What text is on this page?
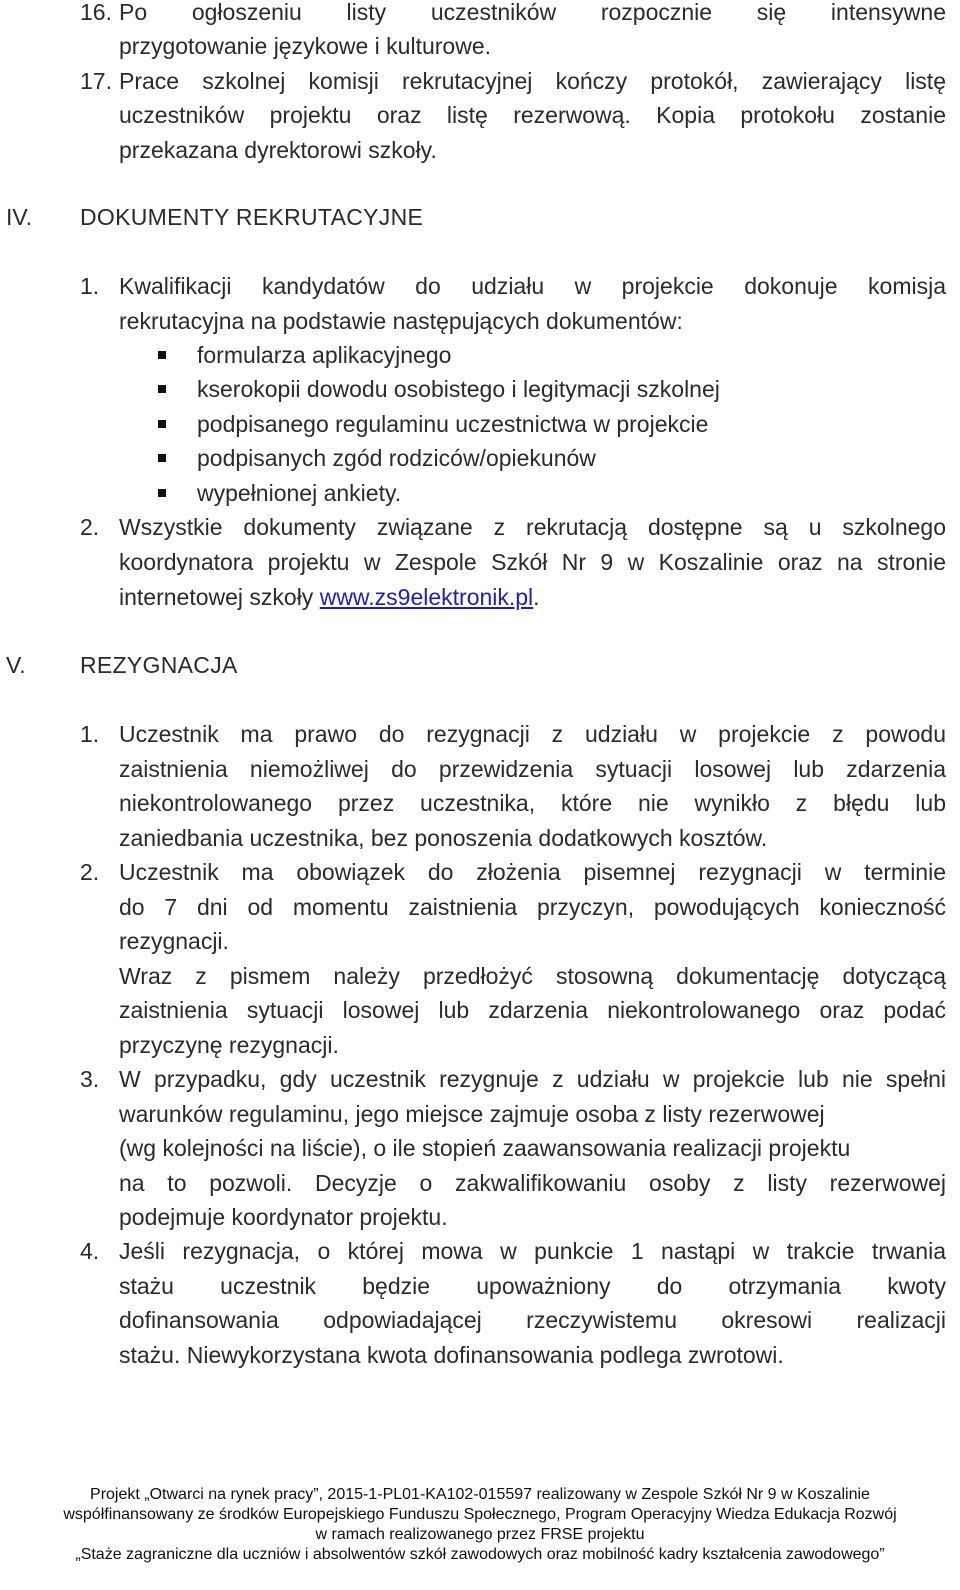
16. Po ogłoszeniu listy uczestników rozpocznie się intensywne
przygotowanie językowe i kulturowe.
17. Prace szkolnej komisji rekrutacyjnej kończy protokół, zawierający listę
uczestników projektu oraz listę rezerwową. Kopia protokołu zostanie
przekazana dyrektorowi szkoły.
IV. DOKUMENTY REKRUTACYJNE
1. Kwalifikacji kandydatów do udziału w projekcie dokonuje komisja
rekrutacyjna na podstawie następujących dokumentów:
formularza aplikacyjnego
kserokopii dowodu osobistego i legitymacji szkolnej
podpisanego regulaminu uczestnictwa w projekcie
podpisanych zgód rodziców/opiekunów
wypełnionej ankiety.
2. Wszystkie dokumenty związane z rekrutacją dostępne są u szkolnego
koordynatora projektu w Zespole Szkół Nr 9 w Koszalinie oraz na stronie
internetowej szkoły www.zs9elektronik.pl.
V. REZYGNACJA
1. Uczestnik ma prawo do rezygnacji z udziału w projekcie z powodu
zaistnienia niemożliwej do przewidzenia sytuacji losowej lub zdarzenia
niekontrolowanego przez uczestnika, które nie wynikło z błędu lub
zaniedbania uczestnika, bez ponoszenia dodatkowych kosztów.
2. Uczestnik ma obowiązek do złożenia pisemnej rezygnacji w terminie
do 7 dni od momentu zaistnienia przyczyn, powodujących konieczność
rezygnacji.
Wraz z pismem należy przedłożyć stosowną dokumentację dotyczącą
zaistnienia sytuacji losowej lub zdarzenia niekontrolowanego oraz podać
przyczynę rezygnacji.
3. W przypadku, gdy uczestnik rezygnuje z udziału w projekcie lub nie spełni
warunków regulaminu, jego miejsce zajmuje osoba z listy rezerwowej
(wg kolejności na liście), o ile stopień zaawansowania realizacji projektu
na to pozwoli. Decyzje o zakwalifikowaniu osoby z listy rezerwowej
podejmuje koordynator projektu.
4. Jeśli rezygnacja, o której mowa w punkcie 1 nastąpi w trakcie trwania
stażu uczestnik będzie upoważniony do otrzymania kwoty
dofinansowania odpowiadającej rzeczywistemu okresowi realizacji
stażu. Niewykorzystana kwota dofinansowania podlega zwrotowi.
Projekt „Otwarci na rynek pracy”, 2015-1-PL01-KA102-015597 realizowany w Zespole Szkół Nr 9 w Koszalinie
współfinansowany ze środków Europejskiego Funduszu Społecznego, Program Operacyjny Wiedza Edukacja Rozwój
w ramach realizowanego przez FRSE projektu
„Staże zagraniczne dla uczniów i absolwentów szkół zawodowych oraz mobilność kadry kształcenia zawodowego”
